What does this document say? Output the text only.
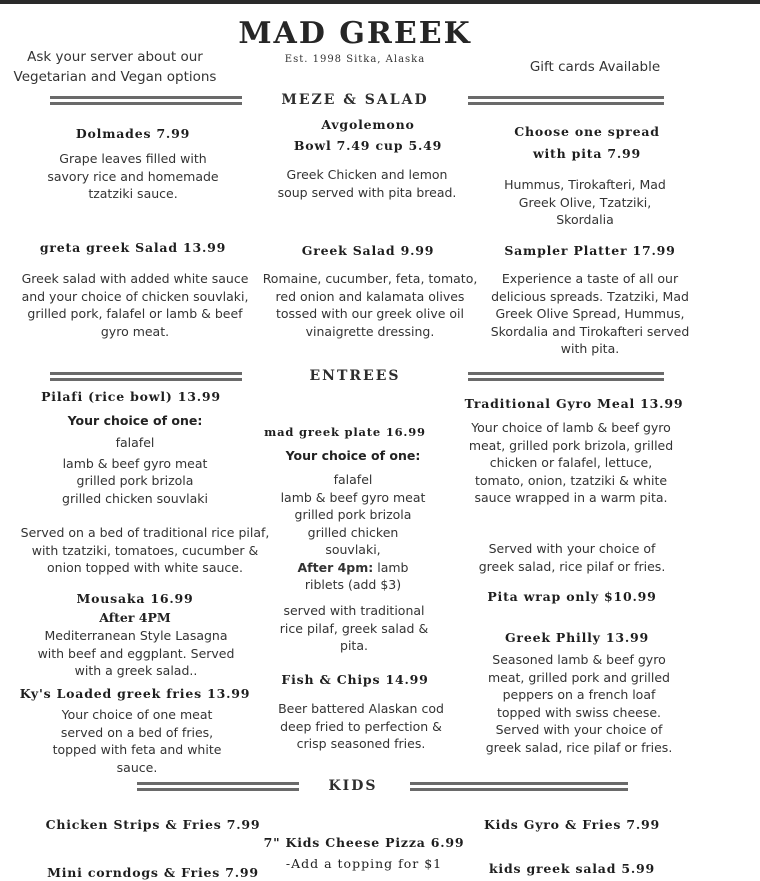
MAD GREEK
Est. 1998 Sitka, Alaska
Ask your server about our Vegetarian and Vegan options
Gift cards Available
MEZE & SALAD
Dolmades 7.99
Grape leaves filled with savory rice and homemade tzatziki sauce.
greta greek Salad 13.99
Greek salad with added white sauce and your choice of chicken souvlaki, grilled pork, falafel or lamb & beef gyro meat.
Avgolemono
Bowl 7.49 cup 5.49
Greek Chicken and lemon soup served with pita bread.
Greek Salad 9.99
Romaine, cucumber, feta, tomato, red onion and kalamata olives tossed with our greek olive oil vinaigrette dressing.
Choose one spread
with pita 7.99
Hummus, Tirokafteri, Mad Greek Olive, Tzatziki, Skordalia
Sampler Platter 17.99
Experience a taste of all our delicious spreads. Tzatziki, Mad Greek Olive Spread, Hummus, Skordalia and Tirokafteri served with pita.
ENTREES
Pilafi (rice bowl) 13.99
Your choice of one:
falafel
lamb & beef gyro meat
grilled pork brizola
grilled chicken souvlaki
Served on a bed of traditional rice pilaf, with tzatziki, tomatoes, cucumber & onion topped with white sauce.
Mousaka 16.99
After 4PM
Mediterranean Style Lasagna with beef and eggplant. Served with a greek salad..
Ky's Loaded greek fries 13.99
Your choice of one meat served on a bed of fries, topped with feta and white sauce.
mad greek plate 16.99
Your choice of one:
falafel
lamb & beef gyro meat
grilled pork brizola
grilled chicken
souvlaki,
After 4pm: lamb
riblets (add $3)
served with traditional rice pilaf, greek salad & pita.
Fish & Chips 14.99
Beer battered Alaskan cod deep fried to perfection & crisp seasoned fries.
Traditional Gyro Meal 13.99
Your choice of lamb & beef gyro meat, grilled pork brizola, grilled chicken or falafel, lettuce, tomato, onion, tzatziki & white sauce wrapped in a warm pita.
Served with your choice of greek salad, rice pilaf or fries.
Pita wrap only $10.99
Greek Philly 13.99
Seasoned lamb & beef gyro meat, grilled pork and grilled peppers on a french loaf topped with swiss cheese. Served with your choice of greek salad, rice pilaf or fries.
KIDS
Chicken Strips & Fries 7.99
7" Kids Cheese Pizza 6.99
-Add a topping for $1
Kids Gyro & Fries 7.99
Mini corndogs & Fries 7.99	kids greek salad 5.99
